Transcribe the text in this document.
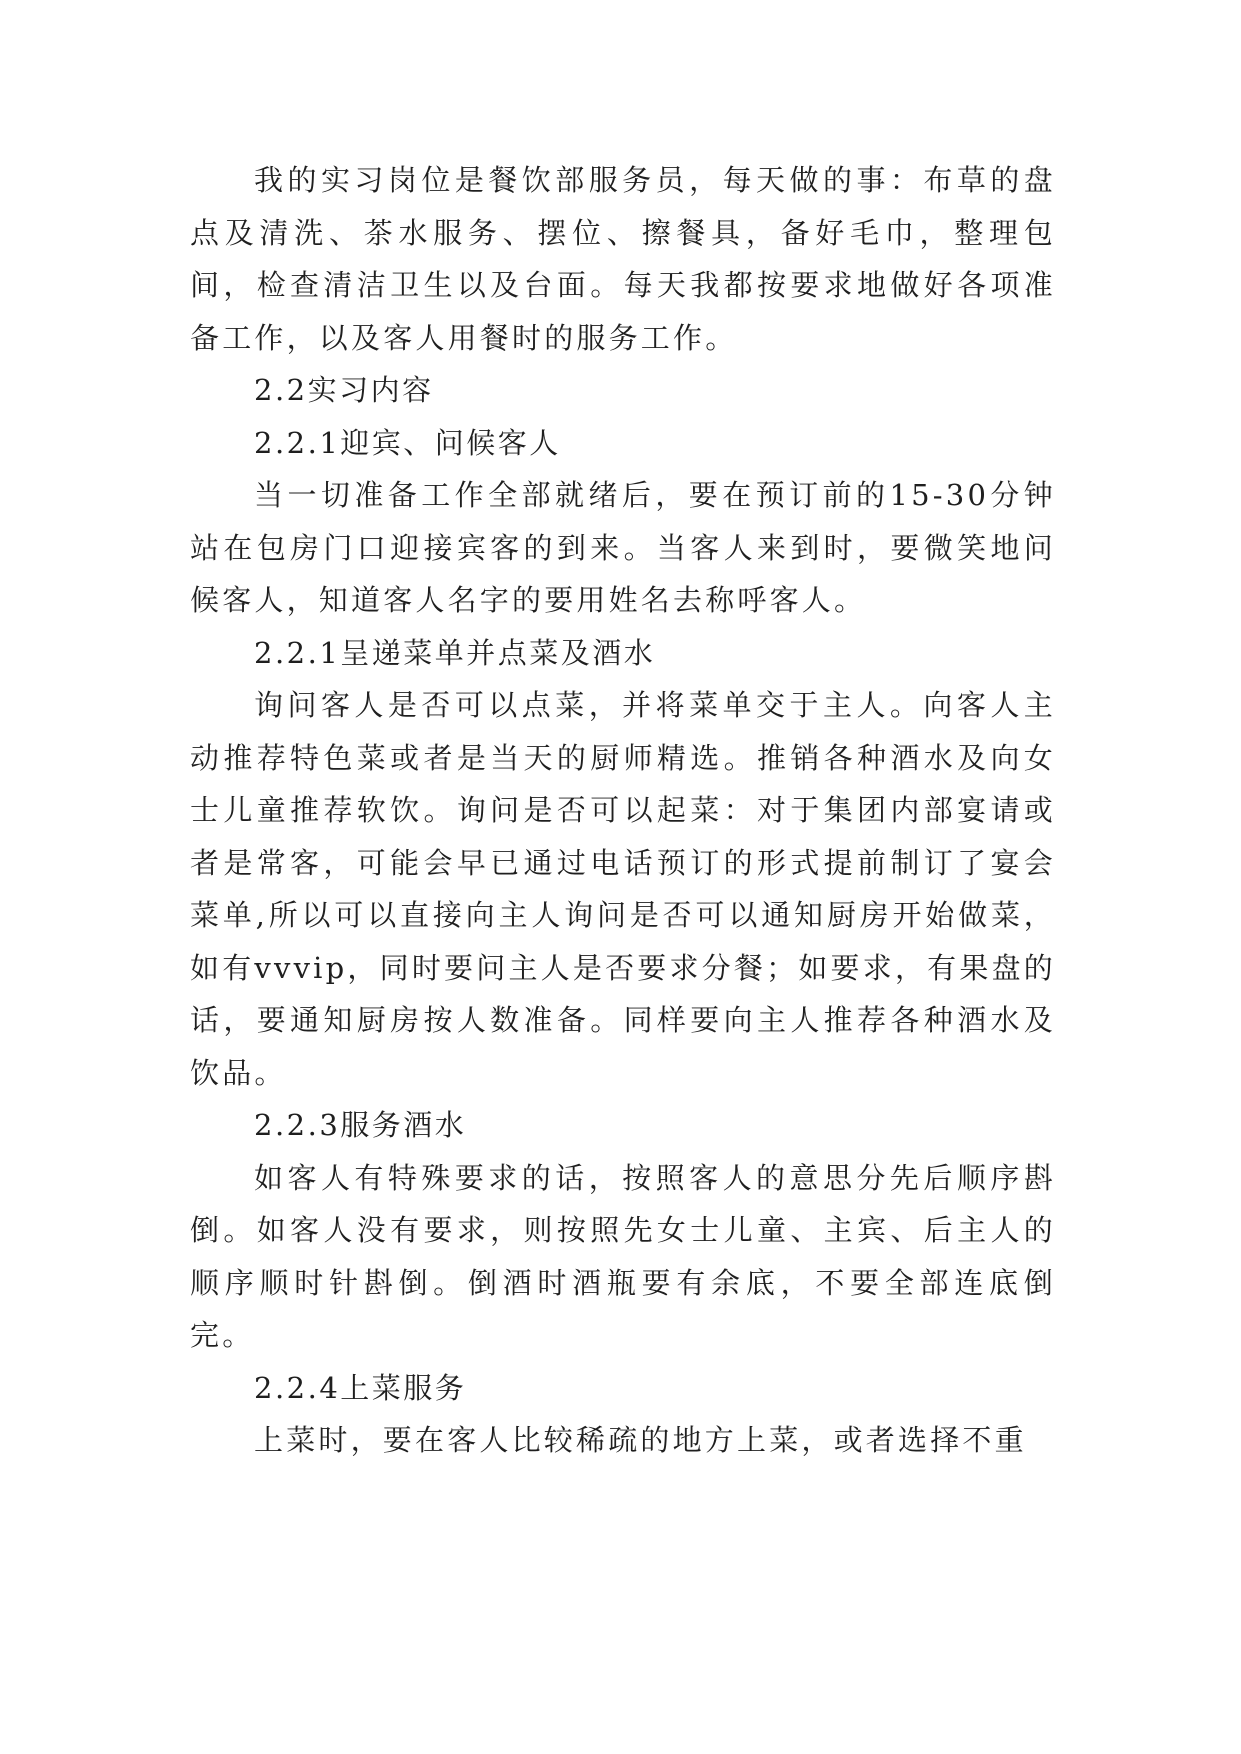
我的实习岗位是餐饮部服务员，每天做的事：布草的盘点及清洗、茶水服务、摆位、擦餐具，备好毛巾，整理包间，检查清洁卫生以及台面。每天我都按要求地做好各项准备工作，以及客人用餐时的服务工作。

2.2实习内容

2.2.1迎宾、问候客人

当一切准备工作全部就绪后，要在预订前的15-30分钟站在包房门口迎接宾客的到来。当客人来到时，要微笑地问候客人，知道客人名字的要用姓名去称呼客人。

2.2.1呈递菜单并点菜及酒水

询问客人是否可以点菜，并将菜单交于主人。向客人主动推荐特色菜或者是当天的厨师精选。推销各种酒水及向女士儿童推荐软饮。询问是否可以起菜：对于集团内部宴请或者是常客，可能会早已通过电话预订的形式提前制订了宴会菜单,所以可以直接向主人询问是否可以通知厨房开始做菜，如有vvvip，同时要问主人是否要求分餐；如要求，有果盘的话，要通知厨房按人数准备。同样要向主人推荐各种酒水及饮品。

2.2.3服务酒水

如客人有特殊要求的话，按照客人的意思分先后顺序斟倒。如客人没有要求，则按照先女士儿童、主宾、后主人的顺序顺时针斟倒。倒酒时酒瓶要有余底，不要全部连底倒完。

2.2.4上菜服务

上菜时，要在客人比较稀疏的地方上菜，或者选择不重
